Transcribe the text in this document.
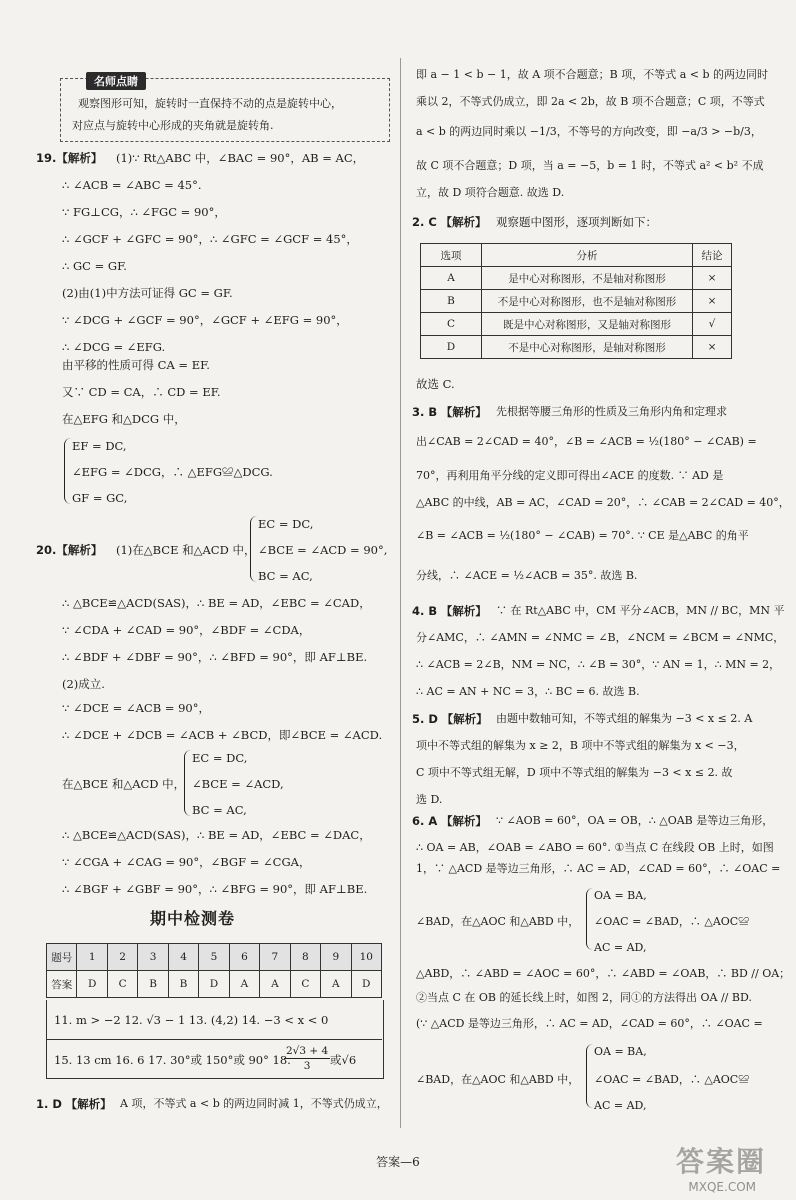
名师点睛
观察图形可知，旋转时一直保持不动的点是旋转中心，
对应点与旋转中心形成的夹角就是旋转角.
19.【解析】 (1)∵ Rt△ABC 中，∠BAC = 90°，AB = AC，
∴ ∠ACB = ∠ABC = 45°.
∵ FG⊥CG，∴ ∠FGC = 90°，
∴ ∠GCF + ∠GFC = 90°，∴ ∠GFC = ∠GCF = 45°，
∴ GC = GF.
(2)由(1)中方法可证得 GC = GF.
∵ ∠DCG + ∠GCF = 90°，∠GCF + ∠EFG = 90°，
∴ ∠DCG = ∠EFG.
由平移的性质可得 CA = EF.
又∵ CD = CA，∴ CD = EF.
在△EFG 和△DCG 中，
EF = DC,
∠EFG = ∠DCG，∴ △EFG≌△DCG.
GF = GC,
20.【解析】 (1)在△BCE 和△ACD 中，
EC = DC,
∠BCE = ∠ACD = 90°,
BC = AC,
∴ △BCE≌△ACD(SAS)，∴ BE = AD，∠EBC = ∠CAD，
∵ ∠CDA + ∠CAD = 90°，∠BDF = ∠CDA，
∴ ∠BDF + ∠DBF = 90°，∴ ∠BFD = 90°，即 AF⊥BE.
(2)成立.
∵ ∠DCE = ∠ACB = 90°，
∴ ∠DCE + ∠DCB = ∠ACB + ∠BCD，即∠BCE = ∠ACD.
在△BCE 和△ACD 中，
EC = DC,
∠BCE = ∠ACD,
BC = AC,
∴ △BCE≌△ACD(SAS)，∴ BE = AD，∠EBC = ∠DAC，
∵ ∠CGA + ∠CAG = 90°，∠BGF = ∠CGA，
∴ ∠BGF + ∠GBF = 90°，∴ ∠BFG = 90°，即 AF⊥BE.
期中检测卷
题号	1	2	3	4	5	6	7	8	9	10
答案	D	C	B	B	D	A	A	C	A	D
11. m > −2 12. √3 − 1 13. (4,2) 14. −3 < x < 0
15. 13 cm 16. 6 17. 30°或 150°或 90° 18.
$\frac{2√3 + 4}{3}$ 或√6
1. D 【解析】 A 项，不等式 a < b 的两边同时减 1，不等式仍成立，
即 a − 1 < b − 1，故 A 项不合题意；B 项，不等式 a < b 的两边同时
乘以 2，不等式仍成立，即 2a < 2b，故 B 项不合题意；C 项，不等式
a < b 的两边同时乘以 −1/3，不等号的方向改变，即 −a/3 > −b/3，
故 C 项不合题意；D 项，当 a = −5，b = 1 时，不等式 a² < b² 不成
立，故 D 项符合题意. 故选 D.
2. C 【解析】 观察题中图形，逐项判断如下：
选项	分析	结论
A	是中心对称图形，不是轴对称图形	×
B	不是中心对称图形，也不是轴对称图形	×
C	既是中心对称图形，又是轴对称图形	√
D	不是中心对称图形，是轴对称图形	×
故选 C.
3. B 【解析】 先根据等腰三角形的性质及三角形内角和定理求
出∠CAB = 2∠CAD = 40°，∠B = ∠ACB = ½(180° − ∠CAB) =
70°，再利用角平分线的定义即可得出∠ACE 的度数. ∵ AD 是
△ABC 的中线，AB = AC，∠CAD = 20°，∴ ∠CAB = 2∠CAD = 40°，
∠B = ∠ACB = ½(180° − ∠CAB) = 70°. ∵ CE 是△ABC 的角平
分线，∴ ∠ACE = ½∠ACB = 35°. 故选 B.
4. B 【解析】 ∵ 在 Rt△ABC 中，CM 平分∠ACB，MN // BC，MN 平
分∠AMC，∴ ∠AMN = ∠NMC = ∠B，∠NCM = ∠BCM = ∠NMC，
∴ ∠ACB = 2∠B，NM = NC，∴ ∠B = 30°，∵ AN = 1，∴ MN = 2，
∴ AC = AN + NC = 3，∴ BC = 6. 故选 B.
5. D 【解析】 由题中数轴可知，不等式组的解集为 −3 < x ≤ 2. A
项中不等式组的解集为 x ≥ 2，B 项中不等式组的解集为 x < −3，
C 项中不等式组无解，D 项中不等式组的解集为 −3 < x ≤ 2. 故
选 D.
6. A 【解析】 ∵ ∠AOB = 60°，OA = OB，∴ △OAB 是等边三角形，
∴ OA = AB，∠OAB = ∠ABO = 60°. ①当点 C 在线段 OB 上时，如图
1，∵ △ACD 是等边三角形，∴ AC = AD，∠CAD = 60°，∴ ∠OAC =
∠BAD，在△AOC 和△ABD 中，
OA = BA,
∠OAC = ∠BAD，∴ △AOC≌
AC = AD,
△ABD，∴ ∠ABD = ∠AOC = 60°，∴ ∠ABD = ∠OAB，∴ BD // OA；
②当点 C 在 OB 的延长线上时，如图 2，同①的方法得出 OA // BD.
(∵ △ACD 是等边三角形，∴ AC = AD，∠CAD = 60°，∴ ∠OAC =
∠BAD，在△AOC 和△ABD 中，
OA = BA,
∠OAC = ∠BAD，∴ △AOC≌
AC = AD,
答案—6	答案圈
MXQE.COM
